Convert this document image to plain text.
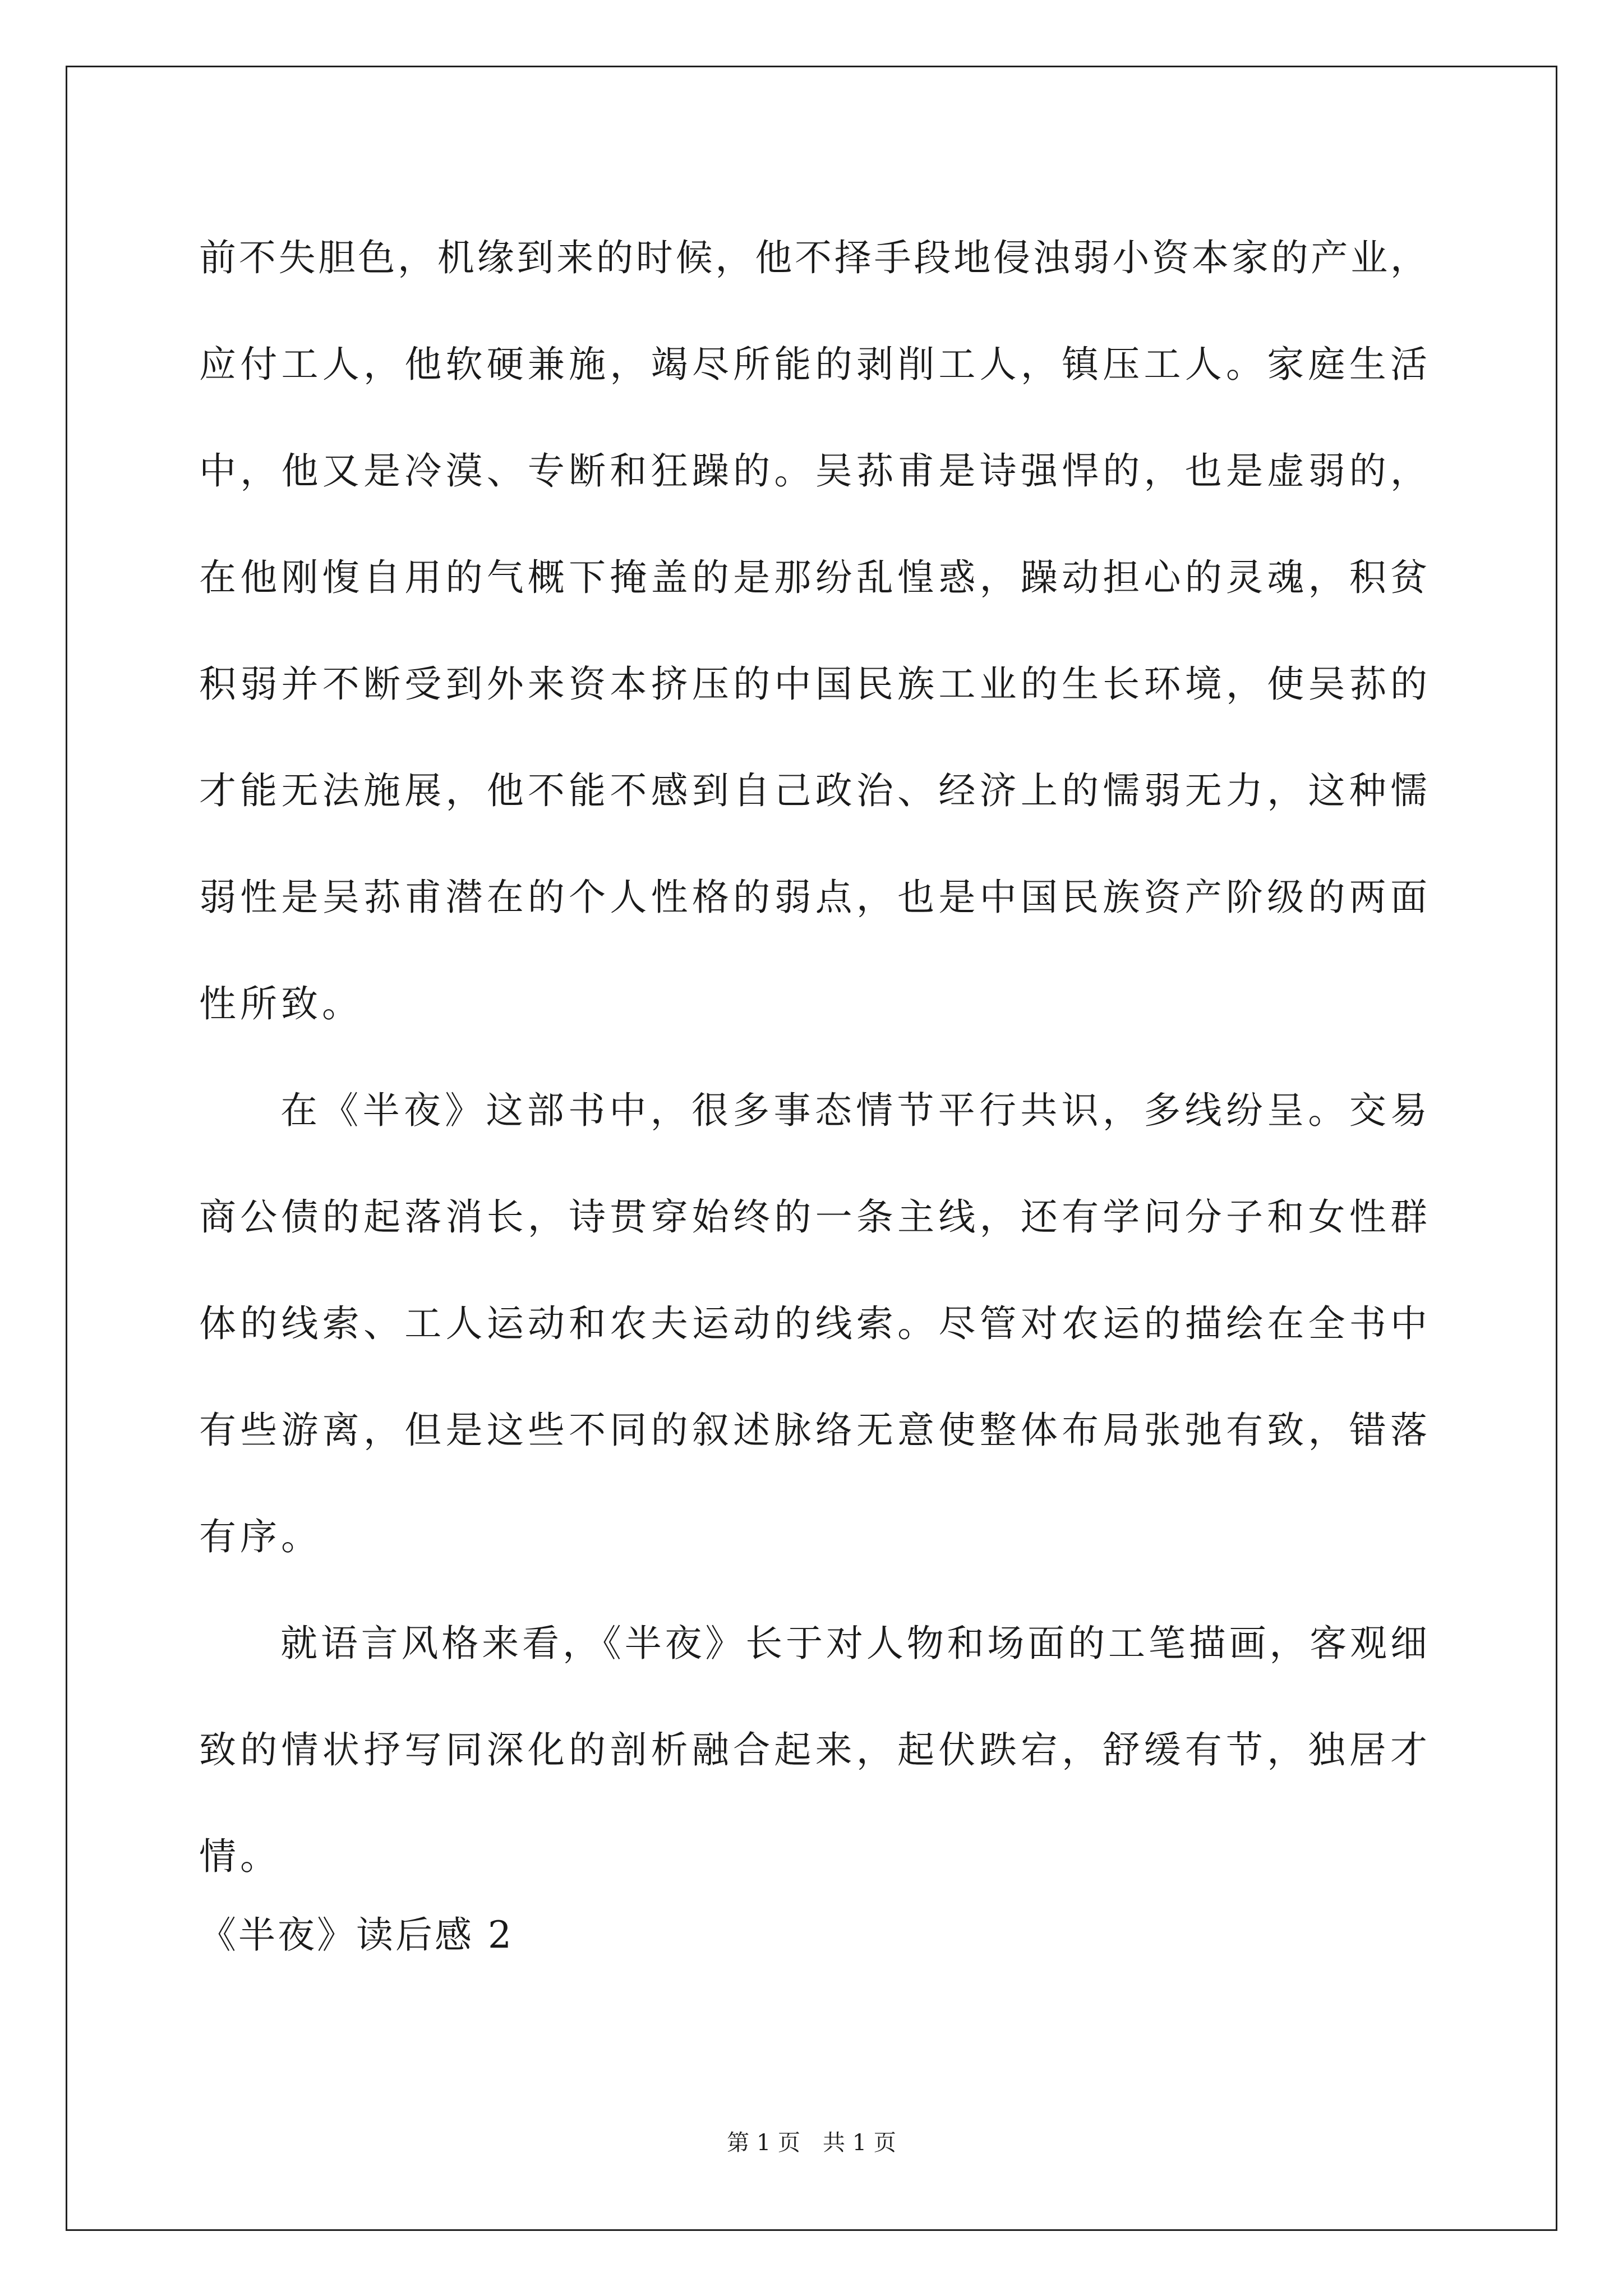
前不失胆色，机缘到来的时候，他不择手段地侵浊弱小资本家的产业，
应付工人，他软硬兼施，竭尽所能的剥削工人，镇压工人。家庭生活
中，他又是冷漠、专断和狂躁的。吴荪甫是诗强悍的，也是虚弱的，
在他刚愎自用的气概下掩盖的是那纷乱惶惑，躁动担心的灵魂，积贫
积弱并不断受到外来资本挤压的中国民族工业的生长环境，使吴荪的
才能无法施展，他不能不感到自己政治、经济上的懦弱无力，这种懦
弱性是吴荪甫潜在的个人性格的弱点，也是中国民族资产阶级的两面
性所致。
在《半夜》这部书中，很多事态情节平行共识，多线纷呈。交易
商公债的起落消长，诗贯穿始终的一条主线，还有学问分子和女性群
体的线索、工人运动和农夫运动的线索。尽管对农运的描绘在全书中
有些游离，但是这些不同的叙述脉络无意使整体布局张弛有致，错落
有序。
就语言风格来看，《半夜》长于对人物和场面的工笔描画，客观细
致的情状抒写同深化的剖析融合起来，起伏跌宕，舒缓有节，独居才
情。
《半夜》读后感 2
第 1 页 共 1 页
